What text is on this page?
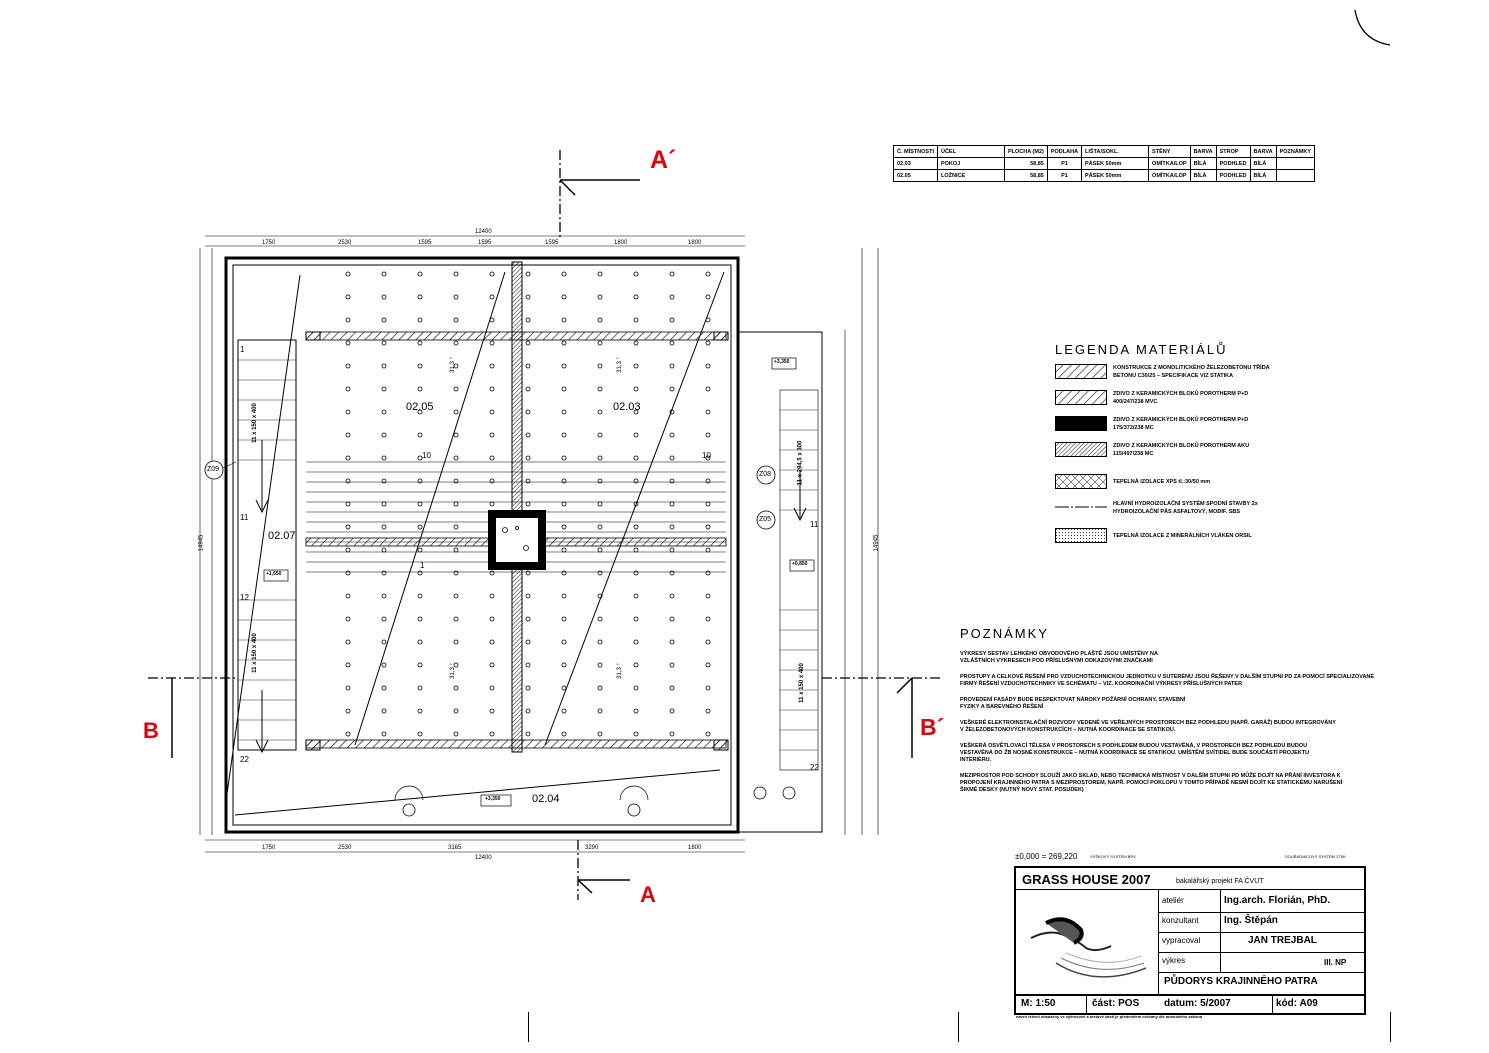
A´
A
B	B´
02.05	02.03
02.07
02.04
+3,350
+1,650
+3,350
+0,850
Z09
Z08
Z05
12400
12400
14945	14945
1750	2530	1595	1595	1595	1800	1800
1750	2530	3165	3290	1800
11 x 150 x 400
11 x 150 x 400
11 x 294,5 x 300
11 x 150 x 400
31,3 °	31,3 °
31,3 °	31,3 °
1
10
11
12
22
1
10
11
22
Č. MÍSTNOSTI	ÚČEL	PLOCHA (M2)	PODLAHA	LIŠTA/SOKL.	STĚNY	BARVA	STROP	BARVA	POZNÁMKY
02.03	POKOJ	58,85	P1	PÁSEK 50mm	OMÍTKA/LOP	BÍLÁ	PODHLED	BÍLÁ	
02.05	LOŽNICE	58,85	P1	PÁSEK 50mm	OMÍTKA/LOP	BÍLÁ	PODHLED	BÍLÁ	
LEGENDA MATERIÁLŮ
KONSTRUKCE Z MONOLITICKÉHO ŽELEZOBETONU TŘÍDA BETONU C30/25 – SPECIFIKACE VIZ STATIKA
ZDIVO Z KERAMICKÝCH BLOKŮ POROTHERM P+D 400/247/238 MVC
ZDIVO Z KERAMICKÝCH BLOKŮ POROTHERM P+D 175/372/238 MC
ZDIVO Z KERAMICKÝCH BLOKŮ POROTHERM AKU 115/497/238 MC
TEPELNÁ IZOLACE XPS tl.:30/50 mm
HLAVNÍ HYDROIZOLAČNÍ SYSTÉM SPODNÍ STAVBY 2x HYDROIZOLAČNÍ PÁS ASFALTOVÝ, MODIF. SBS
TEPELNÁ IZOLACE Z MINERÁLNÍCH VLÁKEN ORSIL
POZNÁMKY

VÝKRESY SESTAV LEHKÉHO OBVODOVÉHO PLÁŠTĚ JSOU UMÍSTĚNY NA VZLÁŠTNÍCH VÝKRESECH POD PŘÍSLUŠNÝMI ODKAZOVÝMI ZNAČKAMI

PROSTUPY A CELKOVÉ ŘEŠENÍ PRO VZDUCHOTECHNICKOU JEDNOTKU V SUTERÉNU JSOU ŘEŠENY V DALŠÍM STUPNI PD ZA POMOCÍ SPECIALIZOVANÉ FIRMY ŘEŠENÍ VZDUCHOTECHNIKY VE SCHÉMATU – VIZ. KOORDINAČNÍ VÝKRESY PŘÍSLUŠNÝCH PATER

PROVEDENÍ FASÁDY BUDE RESPEKTOVAT NÁROKY POŽÁRNÍ OCHRANY, STAVEBNÍ FYZIKY A BAREVNÉHO ŘEŠENÍ

VEŠKERÉ ELEKTROINSTALAČNÍ ROZVODY VEDENÉ VE VEŘEJNÝCH PROSTORECH BEZ PODHLEDU (NAPŘ. GARÁŽ) BUDOU INTEGROVÁNY V ŽELEZOBETONOVÝCH KONSTRUKCÍCH – NUTNÁ KOORDINACE SE STATIKOU.

VEŠKERÁ OSVĚTLOVACÍ TĚLESA V PROSTORECH S PODHLEDEM BUDOU VESTAVĚNÁ, V PROSTORECH BEZ PODHLEDU BUDOU VESTAVĚNÁ DO ŽB NOSNÉ KONSTRUKCE – NUTNÁ KOORDINACE SE STATIKOU. UMÍSTĚNÍ SVÍTIDEL BUDE SOUČÁSTÍ PROJEKTU INTERIÉRU.

MEZIPROSTOR POD SCHODY SLOUŽÍ JAKO SKLAD, NEBO TECHNICKÁ MÍSTNOST V DALŠÍM STUPNI PD MŮŽE DOJÍT NA PŘÁNÍ INVESTORA K PROPOJENÍ KRAJINNÉHO PATRA S MEZIPROSTOREM, NAPŘ. POMOCÍ POKLOPU V TOMTO PŘÍPADĚ NESMÍ DOJÍT KE STATICKÉMU NARUŠENÍ ŠIKMÉ DESKY (NUTNÝ NOVÝ STAT. POSUDEK)

±0,000 = 269,220	VÝŠKOVÝ SYSTÉM BPV	SOUŘADNICOVÝ SYSTÉM JTSK
GRASS HOUSE 2007	bakalářský projekt FA ČVUT
ateliér	Ing.arch. Florián, PhD.
konzultant	Ing. Štěpán
vypracoval	JAN TREJBAL
výkres	III. NP
PŮDORYS KRAJINNÉHO PATRA
M: 1:50	část: POS datum: 5/2007	kód: A09
návrh řešení obsažený ve výkresové a textové části je předmětem ochrany dle autorského zákona
